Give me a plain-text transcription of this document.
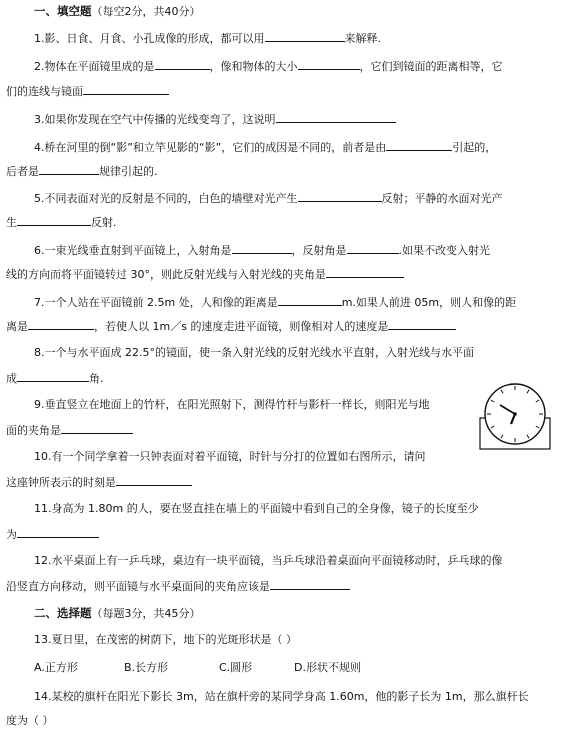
一、填空题（每空2分，共40分）
1.影、日食、月食、小孔成像的形成，都可以用	来解释.
2.物体在平面镜里成的是	，像和物体的大小	，它们到镜面的距离相等，它
们的连线与镜面
3.如果你发现在空气中传播的光线变弯了，这说明
4.桥在河里的倒“影”和立竿见影的“影”，它们的成因是不同的，前者是由	引起的，
后者是	规律引起的.
5.不同表面对光的反射是不同的，白色的墙壁对光产生	反射；平静的水面对光产
生	反射.
6.一束光线垂直射到平面镜上，入射角是	，反射角是	.如果不改变入射光
线的方向而将平面镜转过 30°，则此反射光线与入射光线的夹角是
7.一个人站在平面镜前 2.5m 处，人和像的距离是	m.如果人前进 05m，则人和像的距
离是	，若使人以 1m／s 的速度走进平面镜，则像相对人的速度是
8.一个与水平面成 22.5°的镜面，使一条入射光线的反射光线水平直射，入射光线与水平面
成	角.
9.垂直竖立在地面上的竹杆，在阳光照射下，测得竹杆与影杆一样长，则阳光与地
面的夹角是
10.有一个同学拿着一只钟表面对着平面镜，时针与分打的位置如右图所示，请问
这座钟所表示的时刻是
11.身高为 1.80m 的人，要在竖直挂在墙上的平面镜中看到自己的全身像，镜子的长度至少
为
12.水平桌面上有一乒乓球，桌边有一块平面镜，当乒乓球沿着桌面向平面镜移动时，乒乓球的像
沿竖直方向移动，则平面镜与水平桌面间的夹角应该是
二、选择题（每题3分，共45分）
13.夏日里，在茂密的树荫下，地下的光斑形状是（ ）
A.正方形	B.长方形	C.圆形	D.形状不规则
14.某校的旗杆在阳光下影长 3m，站在旗杆旁的某同学身高 1.60m，他的影子长为 1m，那么旗杆长
度为（ ）
